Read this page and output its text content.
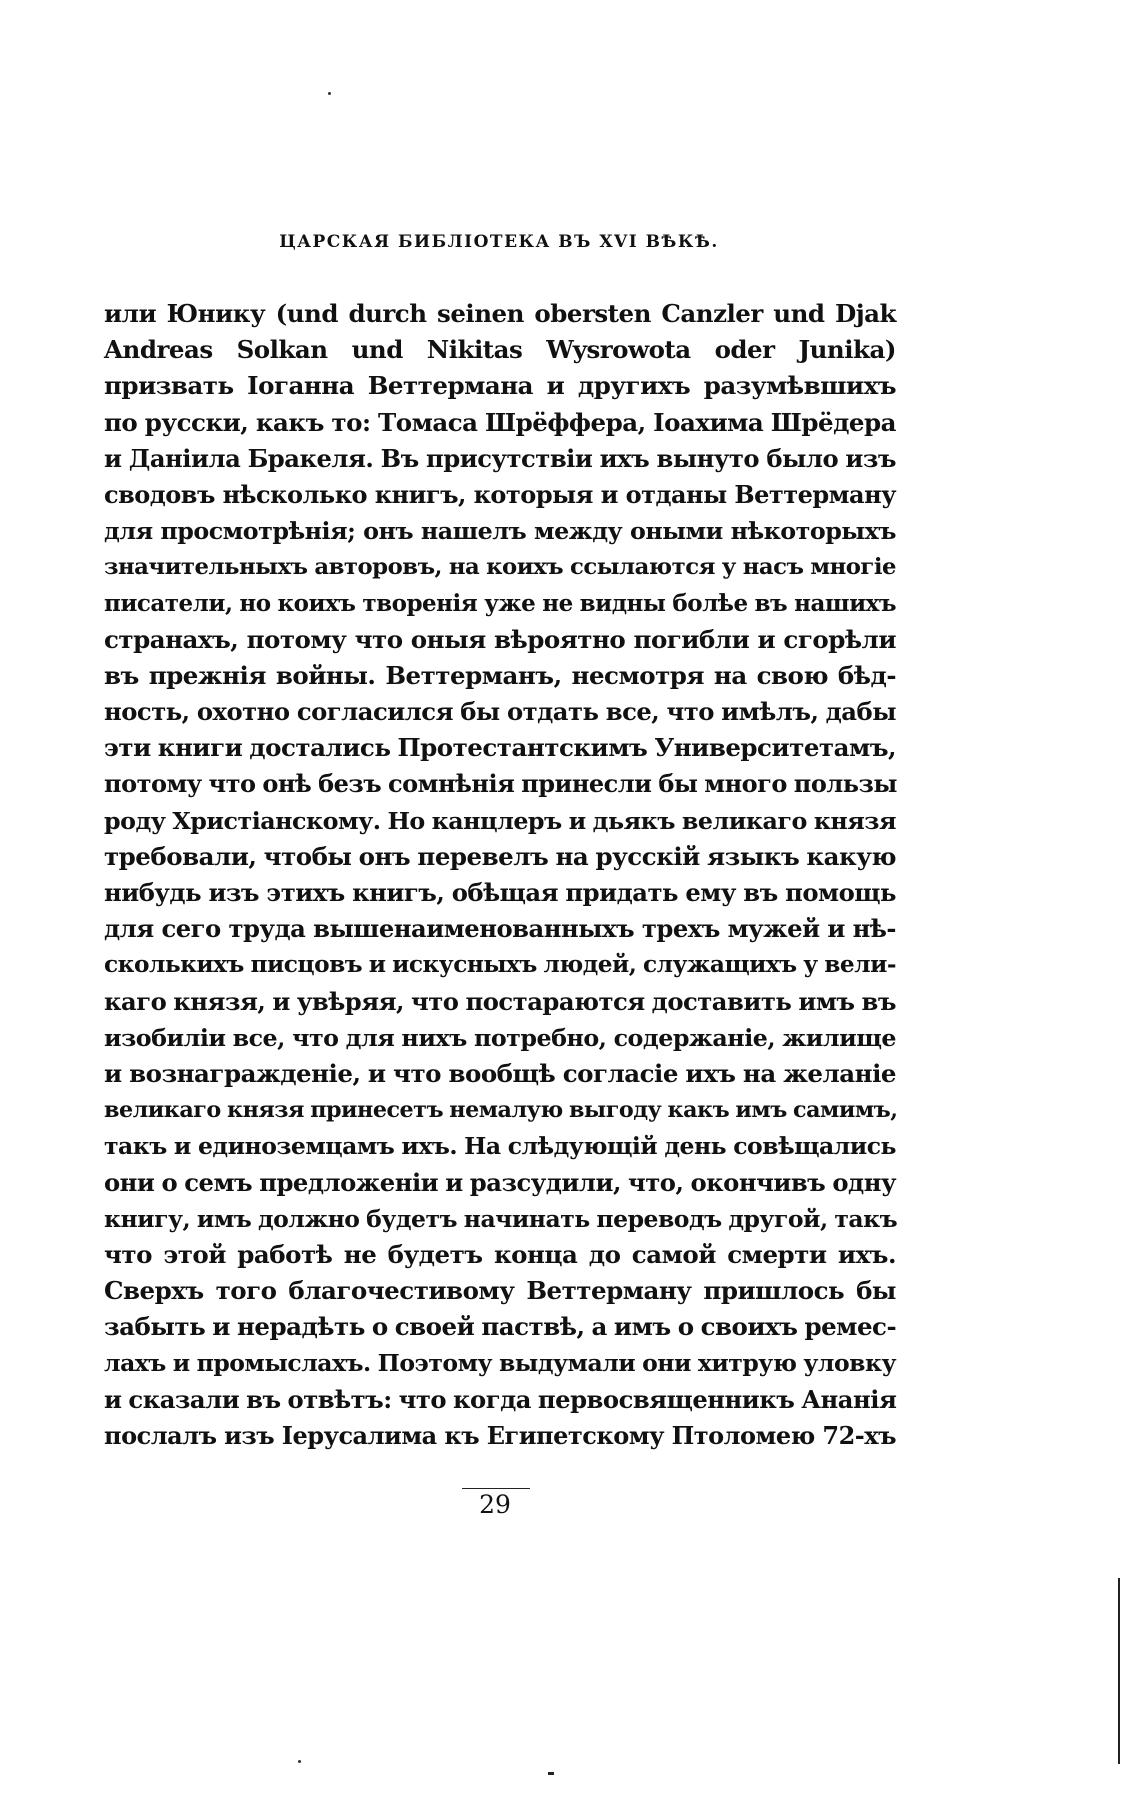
ЦАРСКАЯ БИБЛІОТЕКА ВЪ XVI ВѢКѢ.
или Юнику (und durch seinen obersten Canzler und Djak
Andreas Solkan und Nikitas Wysrowota oder Junika)
призвать Іоганна Веттермана и другихъ разумѣвшихъ
по русски, какъ то: Томаса Шрёффера, Іоахима Шрёдера
и Даніила Бракеля. Въ присутствіи ихъ вынуто было изъ
сводовъ нѣсколько книгъ, которыя и отданы Веттерману
для просмотрѣнія; онъ нашелъ между оными нѣкоторыхъ
значительныхъ авторовъ, на коихъ ссылаются у насъ многіе
писатели, но коихъ творенія уже не видны болѣе въ нашихъ
странахъ, потому что оныя вѣроятно погибли и сгорѣли
въ прежнія войны. Веттерманъ, несмотря на свою бѣд-
ность, охотно согласился бы отдать все, что имѣлъ, дабы
эти книги достались Протестантскимъ Университетамъ,
потому что онѣ безъ сомнѣнія принесли бы много пользы
роду Христіанскому. Но канцлеръ и дьякъ великаго князя
требовали, чтобы онъ перевелъ на русскій языкъ какую
нибудь изъ этихъ книгъ, обѣщая придать ему въ помощь
для сего труда вышенаименованныхъ трехъ мужей и нѣ-
сколькихъ писцовъ и искусныхъ людей, служащихъ у вели-
каго князя, и увѣряя, что постараются доставить имъ въ
изобиліи все, что для нихъ потребно, содержаніе, жилище
и вознагражденіе, и что вообщѣ согласіе ихъ на желаніе
великаго князя принесетъ немалую выгоду какъ имъ самимъ,
такъ и единоземцамъ ихъ. На слѣдующій день совѣщались
они о семъ предложеніи и разсудили, что, окончивъ одну
книгу, имъ должно будетъ начинать переводъ другой, такъ
что этой работѣ не будетъ конца до самой смерти ихъ.
Сверхъ того благочестивому Веттерману пришлось бы
забыть и нерадѣть о своей паствѣ, а имъ о своихъ ремес-
лахъ и промыслахъ. Поэтому выдумали они хитрую уловку
и сказали въ отвѣтъ: что когда первосвященникъ Ананія
послалъ изъ Іерусалима къ Египетскому Птоломею 72-хъ
29
